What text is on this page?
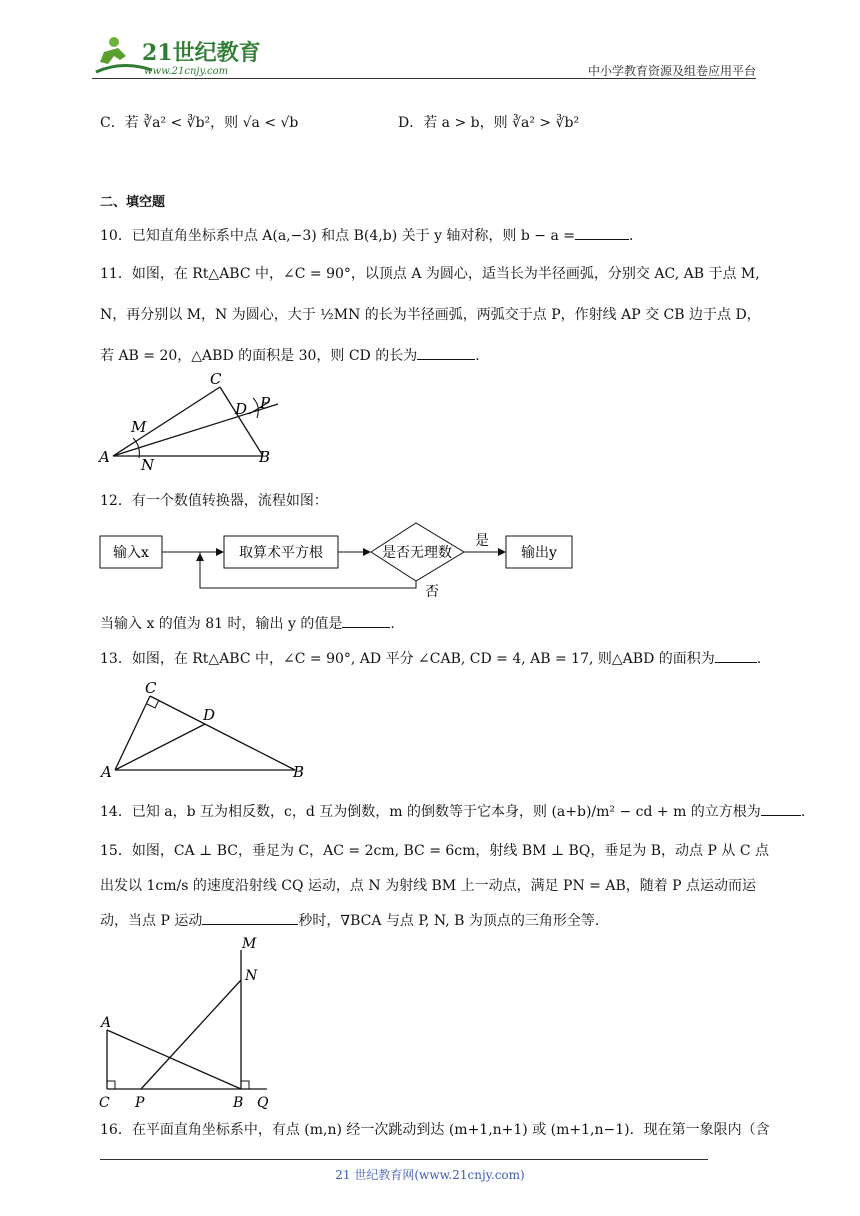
21世纪教育
www.21cnjy.com	中小学教育资源及组卷应用平台
C．若 ∛a² < ∛b²，则 √a < √b	D．若 a > b，则 ∛a² > ∛b²
二、填空题
10．已知直角坐标系中点 A(a,−3) 和点 B(4,b) 关于 y 轴对称，则 b − a =	.
11．如图，在 Rt△ABC 中，∠C = 90°，以顶点 A 为圆心，适当长为半径画弧，分别交 AC, AB 于点 M,
N，再分别以 M，N 为圆心，大于 ½MN 的长为半径画弧，两弧交于点 P，作射线 AP 交 CB 边于点 D，
若 AB = 20，△ABD 的面积是 30，则 CD 的长为	.
A	B
C
D
M
N
P
12．有一个数值转换器，流程如图：
输入x	取算术平方根	是否无理数
是
输出y
否
当输入 x 的值为 81 时，输出 y 的值是	.
13．如图，在 Rt△ABC 中，∠C = 90°, AD 平分 ∠CAB, CD = 4, AB = 17, 则△ABD 的面积为	.
A	B
C
D
14．已知 a，b 互为相反数，c，d 互为倒数，m 的倒数等于它本身，则 (a+b)/m² − cd + m 的立方根为	.
15．如图，CA ⊥ BC，垂足为 C，AC = 2cm, BC = 6cm，射线 BM ⊥ BQ，垂足为 B，动点 P 从 C 点
出发以 1cm/s 的速度沿射线 CQ 运动，点 N 为射线 BM 上一动点，满足 PN = AB，随着 P 点运动而运
动，当点 P 运动	秒时，∇BCA 与点 P, N, B 为顶点的三角形全等.
M
N
A
C P	B Q
16．在平面直角坐标系中，有点 (m,n) 经一次跳动到达 (m+1,n+1) 或 (m+1,n−1)．现在第一象限内（含
21 世纪教育网(www.21cnjy.com)
